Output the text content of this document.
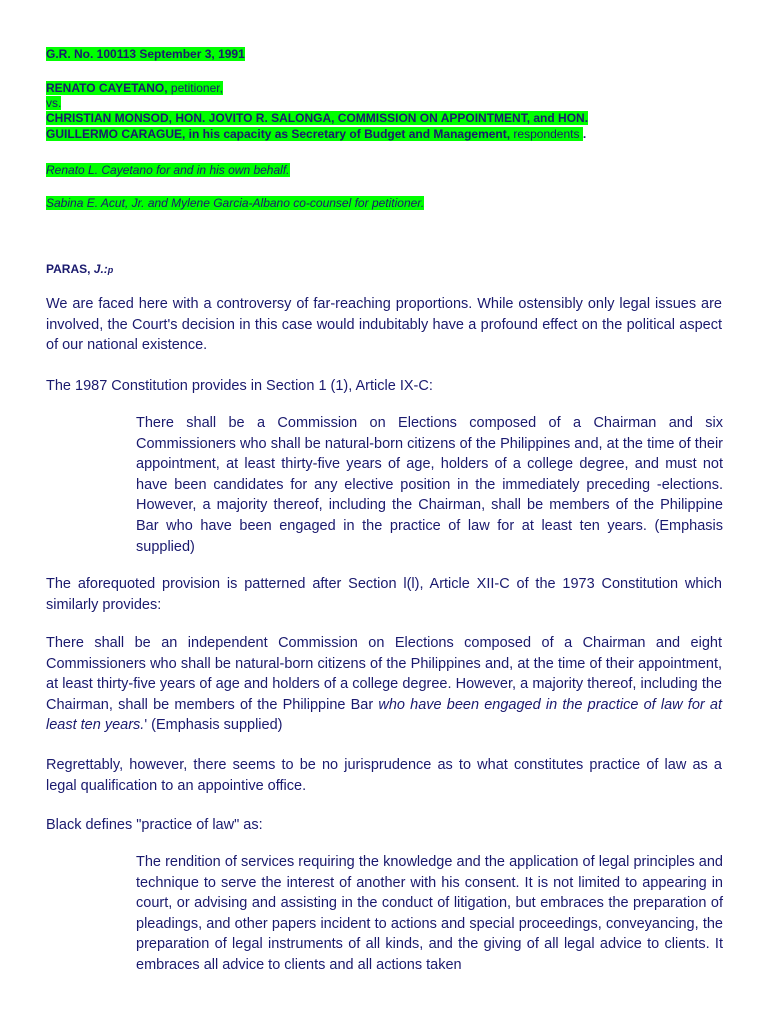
G.R. No. 100113 September 3, 1991
RENATO CAYETANO, petitioner,
vs.
CHRISTIAN MONSOD, HON. JOVITO R. SALONGA, COMMISSION ON APPOINTMENT, and HON.
GUILLERMO CARAGUE, in his capacity as Secretary of Budget and Management, respondents .
Renato L. Cayetano for and in his own behalf.
Sabina E. Acut, Jr. and Mylene Garcia-Albano co-counsel for petitioner.
PARAS, J.:p

We are faced here with a controversy of far-reaching proportions. While ostensibly only legal issues are involved, the Court's decision in this case would indubitably have a profound effect on the political aspect of our national existence.

The 1987 Constitution provides in Section 1 (1), Article IX-C:

There shall be a Commission on Elections composed of a Chairman and six Commissioners who shall be natural-born citizens of the Philippines and, at the time of their appointment, at least thirty-five years of age, holders of a college degree, and must not have been candidates for any elective position in the immediately preceding -elections. However, a majority thereof, including the Chairman, shall be members of the Philippine Bar who have been engaged in the practice of law for at least ten years. (Emphasis supplied)

The aforequoted provision is patterned after Section l(l), Article XII-C of the 1973 Constitution which similarly provides:

There shall be an independent Commission on Elections composed of a Chairman and eight Commissioners who shall be natural-born citizens of the Philippines and, at the time of their appointment, at least thirty-five years of age and holders of a college degree. However, a majority thereof, including the Chairman, shall be members of the Philippine Bar who have been engaged in the practice of law for at least ten years.' (Emphasis supplied)

Regrettably, however, there seems to be no jurisprudence as to what constitutes practice of law as a legal qualification to an appointive office.

Black defines "practice of law" as:

The rendition of services requiring the knowledge and the application of legal principles and technique to serve the interest of another with his consent. It is not limited to appearing in court, or advising and assisting in the conduct of litigation, but embraces the preparation of pleadings, and other papers incident to actions and special proceedings, conveyancing, the preparation of legal instruments of all kinds, and the giving of all legal advice to clients. It embraces all advice to clients and all actions taken
